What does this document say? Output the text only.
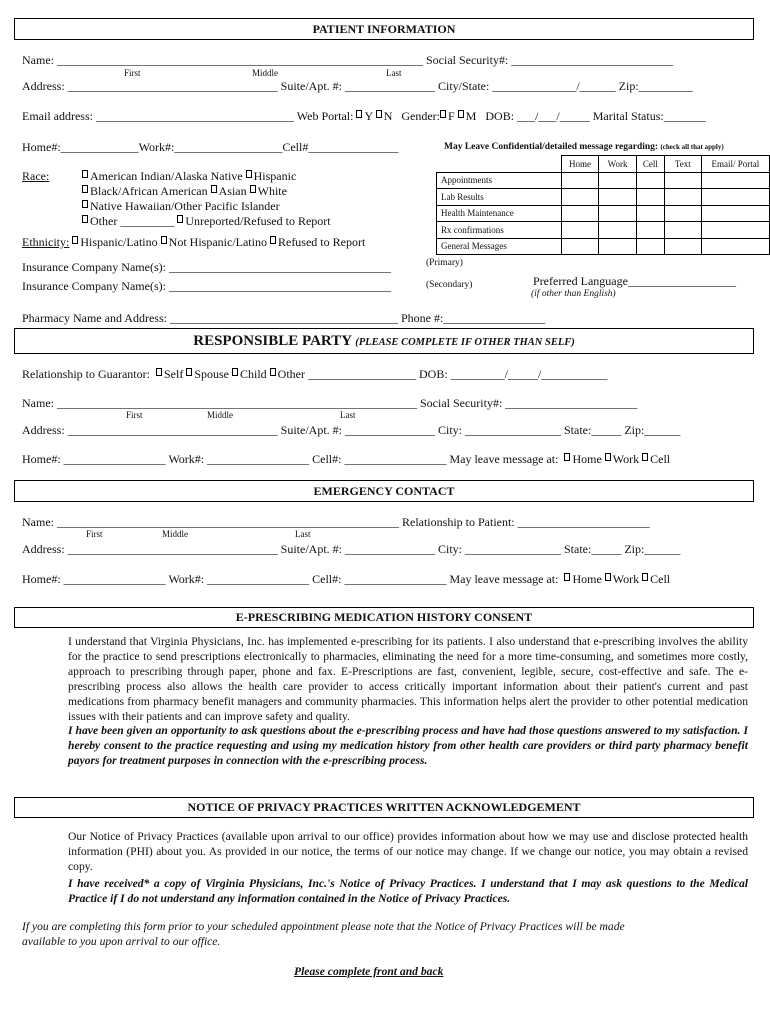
PATIENT INFORMATION
Name: _____________________________________________________________ Social Security#: ___________________________
First	Middle	Last
Address: ___________________________________ Suite/Apt. #: _______________ City/State: ______________/______ Zip:_________
Email address: _________________________________ Web Portal: Y N Gender: F M DOB: ___/___/_____ Marital Status:_______
Home#:_____________Work#:__________________Cell#_______________	May Leave Confidential/detailed message regarding: (check all that apply)
	Home	Work	Cell	Text	Email/ Portal
Appointments					
Lab Results					
Health Maintenance					
Rx confirmations					
General Messages					
Race:	American Indian/Alaska Native Hispanic
Black/African American Asian White
Native Hawaiian/Other Pacific Islander
Other _________ Unreported/Refused to Report
Ethnicity: Hispanic/Latino Not Hispanic/Latino Refused to Report
Insurance Company Name(s): _____________________________________	(Primary)
Insurance Company Name(s): _____________________________________	(Secondary)	Preferred Language__________________
(if other than English)
Pharmacy Name and Address: ______________________________________ Phone #:_________________
RESPONSIBLE PARTY (PLEASE COMPLETE IF OTHER THAN SELF)
Relationship to Guarantor: Self Spouse Child Other __________________ DOB: _________/_____/___________
Name: ____________________________________________________________ Social Security#: ______________________
First	Middle	Last
Address: ___________________________________ Suite/Apt. #: _______________ City: ________________ State:_____ Zip:______
Home#: _________________ Work#: _________________ Cell#: _________________ May leave message at: Home Work Cell
EMERGENCY CONTACT
Name: _________________________________________________________ Relationship to Patient: ______________________
First	Middle	Last
Address: ___________________________________ Suite/Apt. #: _______________ City: ________________ State:_____ Zip:______
Home#: _________________ Work#: _________________ Cell#: _________________ May leave message at: Home Work Cell
E-PRESCRIBING MEDICATION HISTORY CONSENT
I understand that Virginia Physicians, Inc. has implemented e-prescribing for its patients. I also understand that e-prescribing involves the ability for the practice to send prescriptions electronically to pharmacies, eliminating the need for a more time-consuming, and sometimes more costly, approach to prescribing through paper, phone and fax. E-Prescriptions are fast, convenient, legible, secure, cost-effective and safe. The e-prescribing process also allows the health care provider to access critically important information about their patient's current and past medications from pharmacy benefit managers and community pharmacies. This information helps alert the provider to other potential medication issues with their patients and can improve safety and quality.
I have been given an opportunity to ask questions about the e-prescribing process and have had those questions answered to my satisfaction. I hereby consent to the practice requesting and using my medication history from other health care providers or third party pharmacy benefit payors for treatment purposes in connection with the e-prescribing process.
NOTICE OF PRIVACY PRACTICES WRITTEN ACKNOWLEDGEMENT
Our Notice of Privacy Practices (available upon arrival to our office) provides information about how we may use and disclose protected health information (PHI) about you. As provided in our notice, the terms of our notice may change. If we change our notice, you may obtain a revised copy.
I have received* a copy of Virginia Physicians, Inc.'s Notice of Privacy Practices. I understand that I may ask questions to the Medical Practice if I do not understand any information contained in the Notice of Privacy Practices.
If you are completing this form prior to your scheduled appointment please note that the Notice of Privacy Practices will be made available to you upon arrival to our office.
Please complete front and back
